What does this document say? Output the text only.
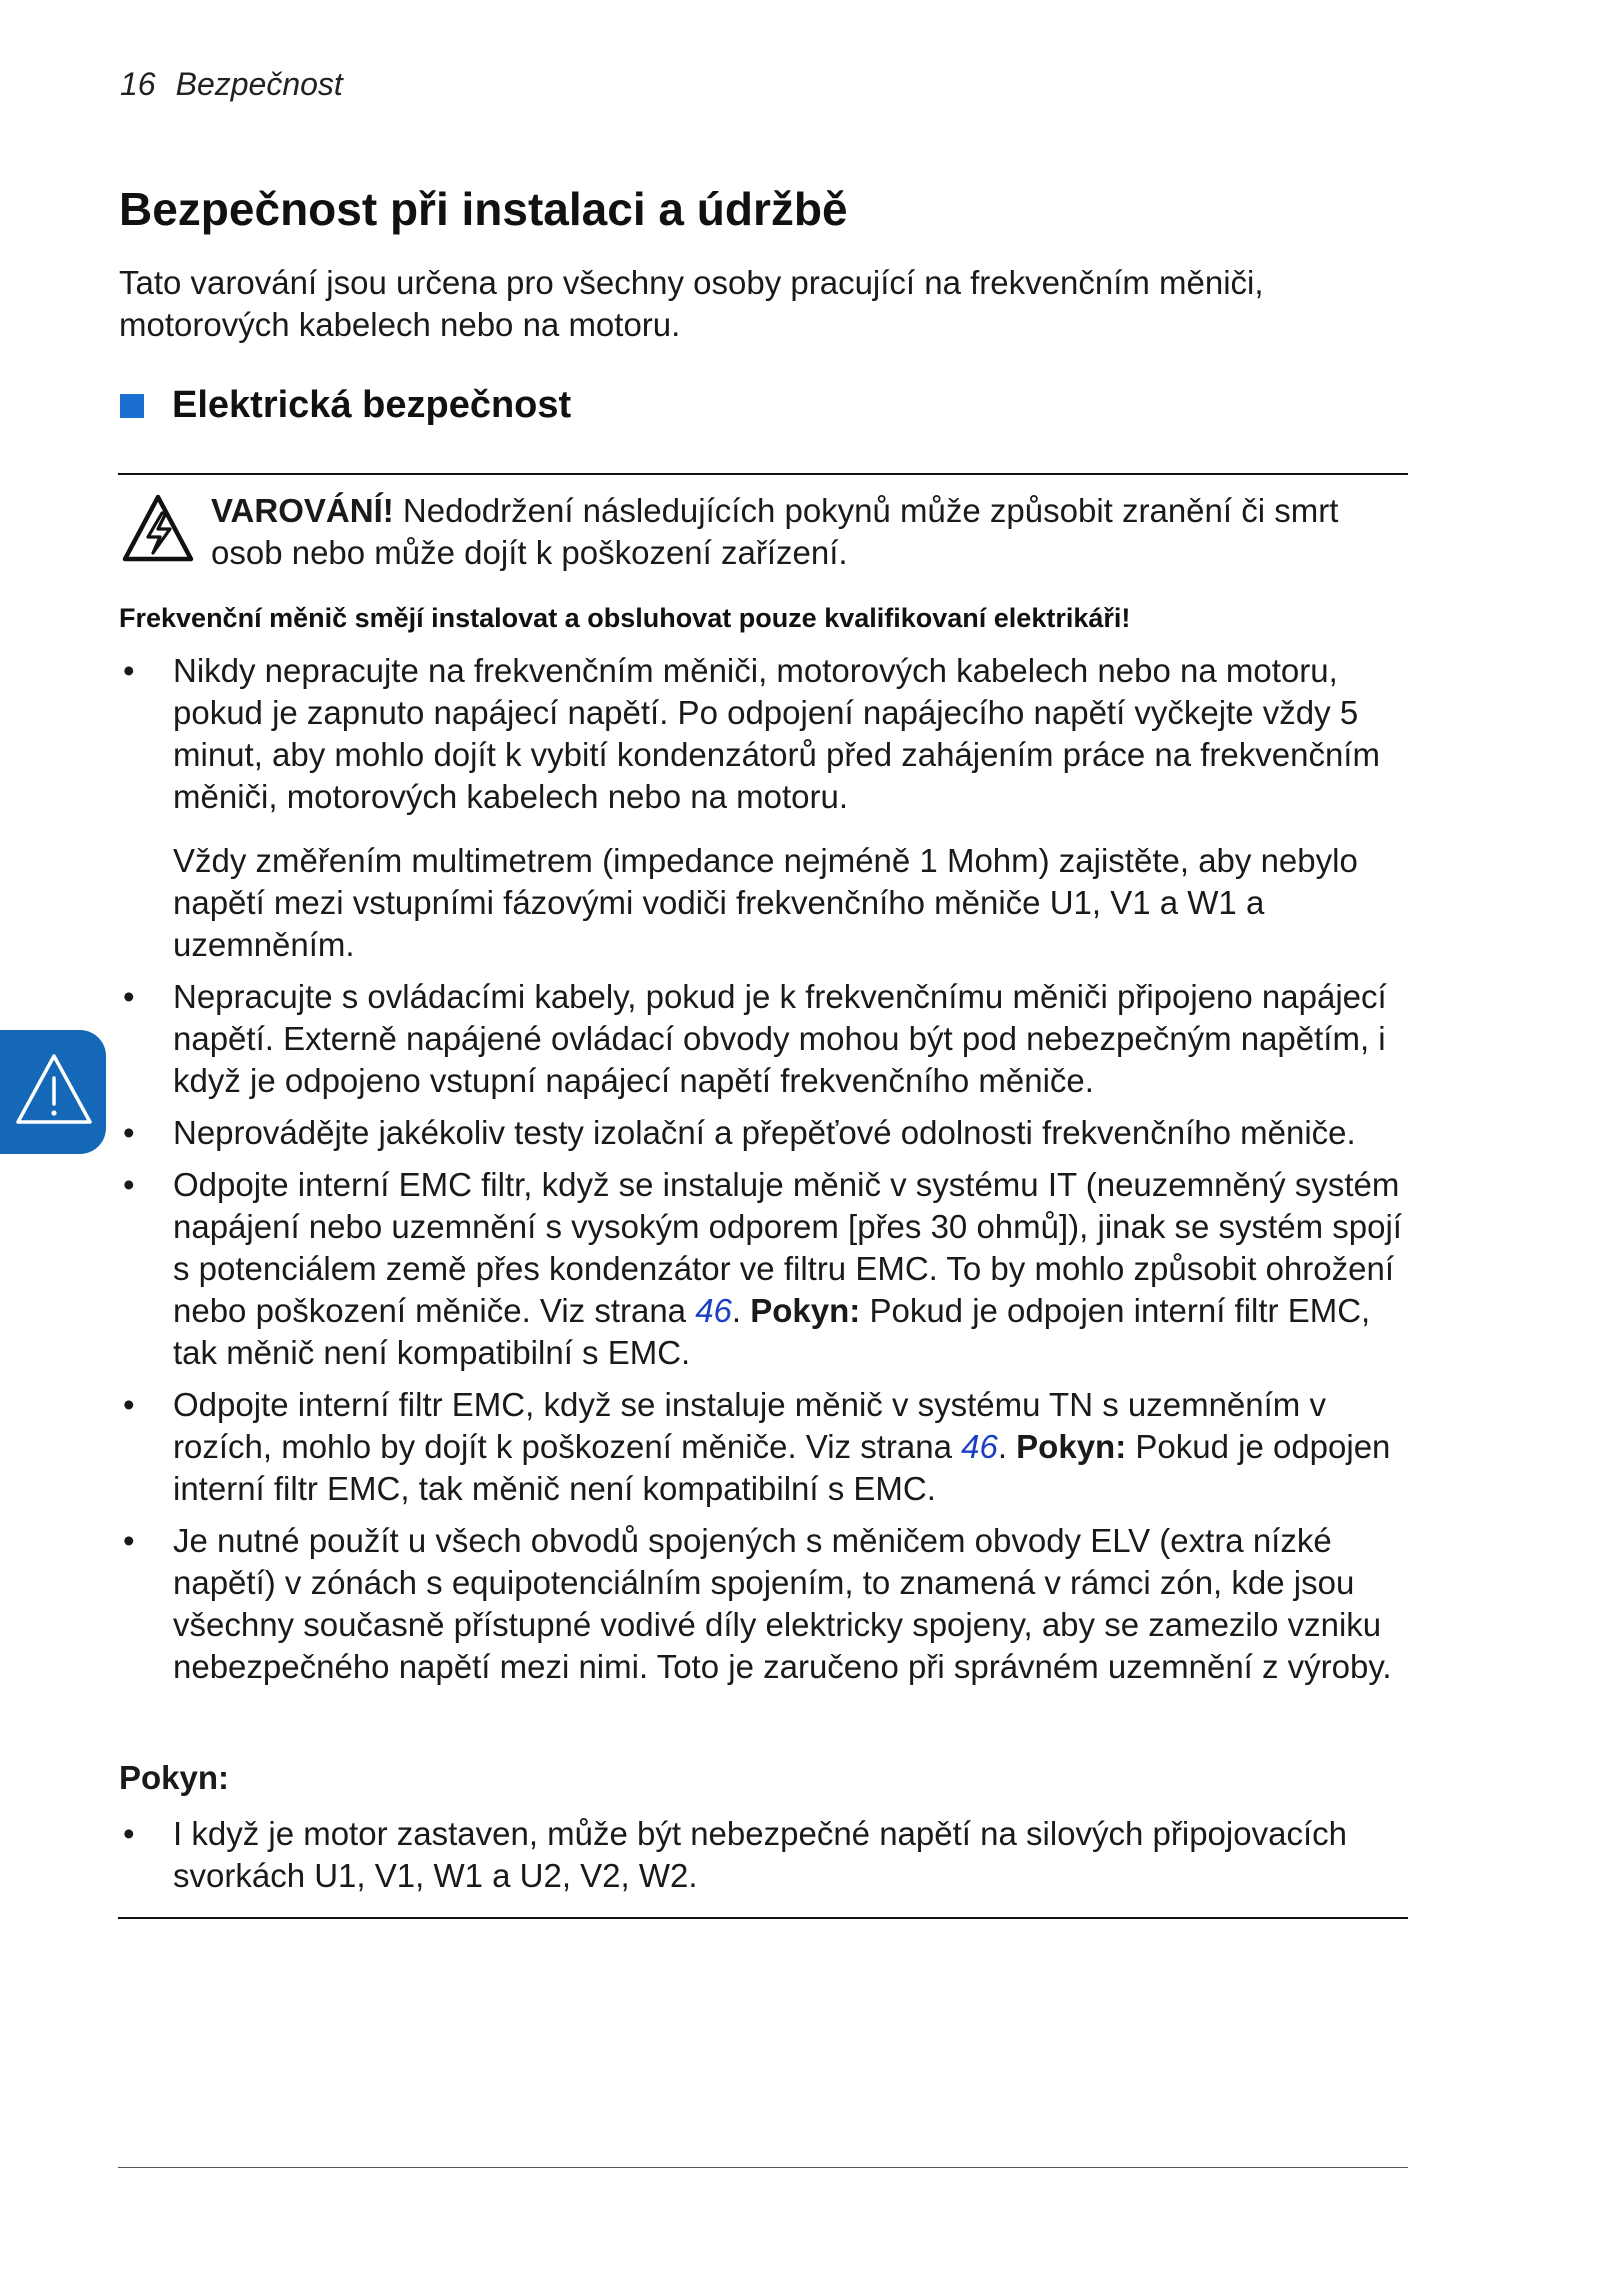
16 Bezpečnost
Bezpečnost při instalaci a údržbě
Tato varování jsou určena pro všechny osoby pracující na frekvenčním měniči,
motorových kabelech nebo na motoru.
Elektrická bezpečnost
VAROVÁNÍ! Nedodržení následujících pokynů může způsobit zranění či smrt
osob nebo může dojít k poškození zařízení.
Frekvenční měnič smějí instalovat a obsluhovat pouze kvalifikovaní elektrikáři!
• Nikdy nepracujte na frekvenčním měniči, motorových kabelech nebo na motoru, pokud je zapnuto napájecí napětí. Po odpojení napájecího napětí vyčkejte vždy 5 minut, aby mohlo dojít k vybití kondenzátorů před zahájením práce na frekvenčním měniči, motorových kabelech nebo na motoru.

Vždy změřením multimetrem (impedance nejméně 1 Mohm) zajistěte, aby nebylo napětí mezi vstupními fázovými vodiči frekvenčního měniče U1, V1 a W1 a uzemněním.

• Nepracujte s ovládacími kabely, pokud je k frekvenčnímu měniči připojeno napájecí napětí. Externě napájené ovládací obvody mohou být pod nebezpečným napětím, i když je odpojeno vstupní napájecí napětí frekvenčního měniče.

• Neprovádějte jakékoliv testy izolační a přepěťové odolnosti frekvenčního měniče.

• Odpojte interní EMC filtr, když se instaluje měnič v systému IT (neuzemněný systém napájení nebo uzemnění s vysokým odporem [přes 30 ohmů]), jinak se systém spojí s potenciálem země přes kondenzátor ve filtru EMC. To by mohlo způsobit ohrožení nebo poškození měniče. Viz strana 46. Pokyn: Pokud je odpojen interní filtr EMC, tak měnič není kompatibilní s EMC.

• Odpojte interní filtr EMC, když se instaluje měnič v systému TN s uzemněním v rozích, mohlo by dojít k poškození měniče. Viz strana 46. Pokyn: Pokud je odpojen interní filtr EMC, tak měnič není kompatibilní s EMC.

• Je nutné použít u všech obvodů spojených s měničem obvody ELV (extra nízké napětí) v zónách s equipotenciálním spojením, to znamená v rámci zón, kde jsou všechny současně přístupné vodivé díly elektricky spojeny, aby se zamezilo vzniku nebezpečného napětí mezi nimi. Toto je zaručeno při správném uzemnění z výroby.

Pokyn:
• I když je motor zastaven, může být nebezpečné napětí na silových připojovacích svorkách U1, V1, W1 a U2, V2, W2.
